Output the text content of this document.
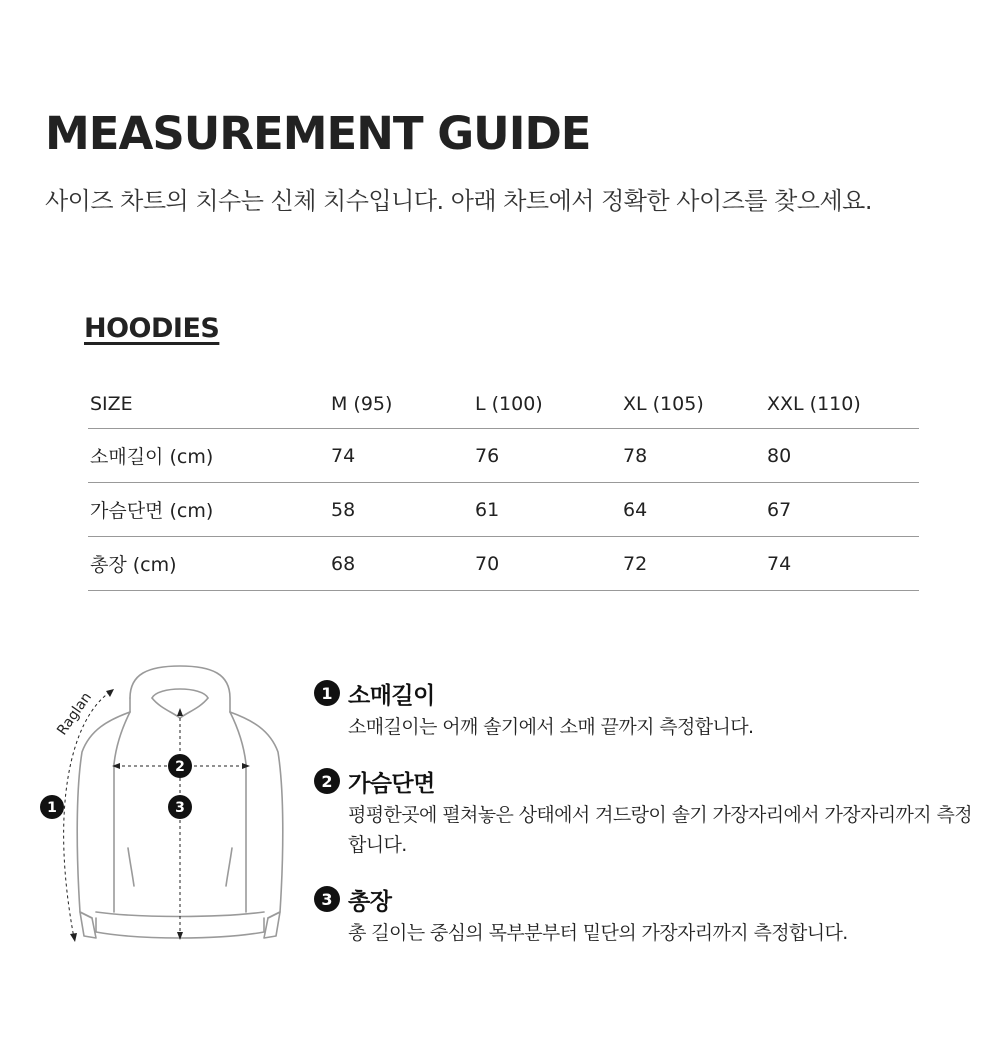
MEASUREMENT GUIDE

사이즈 차트의 치수는 신체 치수입니다. 아래 차트에서 정확한 사이즈를 찾으세요.

HOODIES
SIZE	M (95)	L (100)	XL (105)	XXL (110)
소매길이 (cm)	74	76	78	80
가슴단면 (cm)	58	61	64	67
총장 (cm)	68	70	72	74
Raglan
1
2
3
1 소매길이

소매길이는 어깨 솔기에서 소매 끝까지 측정합니다.

2 가슴단면

평평한곳에 펼쳐놓은 상태에서 겨드랑이 솔기 가장자리에서 가장자리까지 측정합니다.

3 총장

총 길이는 중심의 목부분부터 밑단의 가장자리까지 측정합니다.
